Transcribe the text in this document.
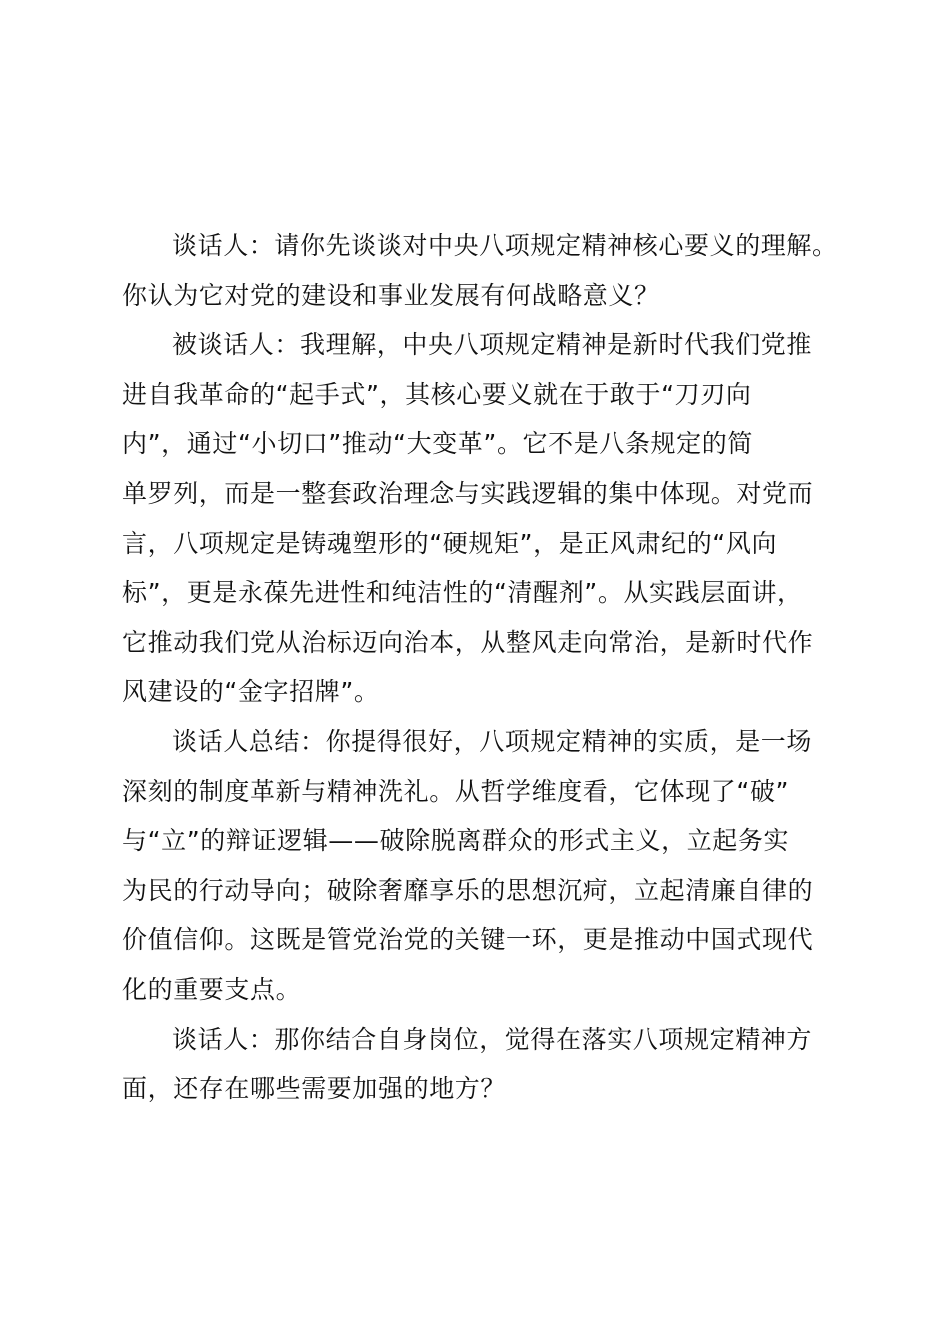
谈话人：请你先谈谈对中央八项规定精神核心要义的理解。
你认为它对党的建设和事业发展有何战略意义？
被谈话人：我理解，中央八项规定精神是新时代我们党推
进自我革命的“起手式”，其核心要义就在于敢于“刀刃向
内”，通过“小切口”推动“大变革”。它不是八条规定的简
单罗列，而是一整套政治理念与实践逻辑的集中体现。对党而
言，八项规定是铸魂塑形的“硬规矩”，是正风肃纪的“风向
标”，更是永葆先进性和纯洁性的“清醒剂”。从实践层面讲，
它推动我们党从治标迈向治本，从整风走向常治，是新时代作
风建设的“金字招牌”。
谈话人总结：你提得很好，八项规定精神的实质，是一场
深刻的制度革新与精神洗礼。从哲学维度看，它体现了“破”
与“立”的辩证逻辑——破除脱离群众的形式主义，立起务实
为民的行动导向；破除奢靡享乐的思想沉疴，立起清廉自律的
价值信仰。这既是管党治党的关键一环，更是推动中国式现代
化的重要支点。
谈话人：那你结合自身岗位，觉得在落实八项规定精神方
面，还存在哪些需要加强的地方？
